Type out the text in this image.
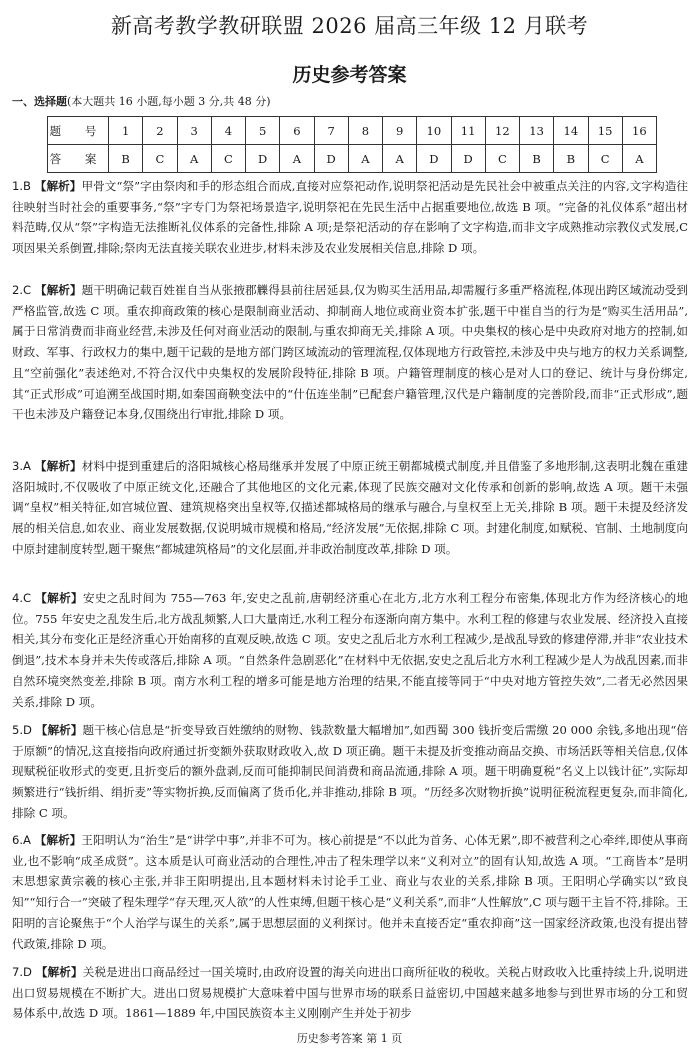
新高考教学教研联盟 2026 届高三年级 12 月联考
历史参考答案
一、选择题(本大题共 16 小题,每小题 3 分,共 48 分)
题 号	1	2	3	4	5	6	7	8	9	10	11	12	13	14	15	16
答 案	B	C	A	C	D	A	D	A	A	D	D	C	B	B	C	A
1.B 【解析】甲骨文“祭”字由祭肉和手的形态组合而成,直接对应祭祀动作,说明祭祀活动是先民社会中被重点关注的内容,文字构造往往映射当时社会的重要事务,“祭”字专门为祭祀场景造字,说明祭祀在先民生活中占据重要地位,故选 B 项。“完备的礼仪体系”超出材料范畴,仅从“祭”字构造无法推断礼仪体系的完备性,排除 A 项;是祭祀活动的存在影响了文字构造,而非文字成熟推动宗教仪式发展,C 项因果关系倒置,排除;祭肉无法直接关联农业进步,材料未涉及农业发展相关信息,排除 D 项。
2.C 【解析】题干明确记载百姓崔自当从张掖郡觻得县前往居延县,仅为购买生活用品,却需履行多重严格流程,体现出跨区域流动受到严格监管,故选 C 项。重农抑商政策的核心是限制商业活动、抑制商人地位或商业资本扩张,题干中崔自当的行为是“购买生活用品”,属于日常消费而非商业经营,未涉及任何对商业活动的限制,与重农抑商无关,排除 A 项。中央集权的核心是中央政府对地方的控制,如财政、军事、行政权力的集中,题干记载的是地方部门跨区域流动的管理流程,仅体现地方行政管控,未涉及中央与地方的权力关系调整,且“空前强化”表述绝对,不符合汉代中央集权的发展阶段特征,排除 B 项。户籍管理制度的核心是对人口的登记、统计与身份绑定,其“正式形成”可追溯至战国时期,如秦国商鞅变法中的“什伍连坐制”已配套户籍管理,汉代是户籍制度的完善阶段,而非“正式形成”,题干也未涉及户籍登记本身,仅围绕出行审批,排除 D 项。
3.A 【解析】材料中提到重建后的洛阳城核心格局继承并发展了中原正统王朝都城模式制度,并且借鉴了多地形制,这表明北魏在重建洛阳城时,不仅吸收了中原正统文化,还融合了其他地区的文化元素,体现了民族交融对文化传承和创新的影响,故选 A 项。题干未强调“皇权”相关特征,如宫城位置、建筑规格突出皇权等,仅描述都城格局的继承与融合,与皇权至上无关,排除 B 项。题干未提及经济发展的相关信息,如农业、商业发展数据,仅说明城市规模和格局,“经济发展”无依据,排除 C 项。封建化制度,如赋税、官制、土地制度向中原封建制度转型,题干聚焦“都城建筑格局”的文化层面,并非政治制度改革,排除 D 项。
4.C 【解析】安史之乱时间为 755—763 年,安史之乱前,唐朝经济重心在北方,北方水利工程分布密集,体现北方作为经济核心的地位。755 年安史之乱发生后,北方战乱频繁,人口大量南迁,水利工程分布逐渐向南方集中。水利工程的修建与农业发展、经济投入直接相关,其分布变化正是经济重心开始南移的直观反映,故选 C 项。安史之乱后北方水利工程减少,是战乱导致的修建停滞,并非“农业技术倒退”,技术本身并未失传或落后,排除 A 项。“自然条件急剧恶化”在材料中无依据,安史之乱后北方水利工程减少是人为战乱因素,而非自然环境突然变差,排除 B 项。南方水利工程的增多可能是地方治理的结果,不能直接等同于“中央对地方管控失效”,二者无必然因果关系,排除 D 项。
5.D 【解析】题干核心信息是“折变导致百姓缴纳的财物、钱款数量大幅增加”,如西蜀 300 钱折变后需缴 20 000 余钱,多地出现“倍于原额”的情况,这直接指向政府通过折变额外获取财政收入,故 D 项正确。题干未提及折变推动商品交换、市场活跃等相关信息,仅体现赋税征收形式的变更,且折变后的额外盘剥,反而可能抑制民间消费和商品流通,排除 A 项。题干明确夏税“名义上以钱计征”,实际却频繁进行“钱折绢、绢折麦”等实物折换,反而偏离了货币化,并非推动,排除 B 项。“历经多次财物折换”说明征税流程更复杂,而非简化,排除 C 项。
6.A 【解析】王阳明认为“治生”是“讲学中事”,并非不可为。核心前提是“不以此为首务、心体无累”,即不被营利之心牵绊,即使从事商业,也不影响“成圣成贤”。这本质是认可商业活动的合理性,冲击了程朱理学以来“义利对立”的固有认知,故选 A 项。“工商皆本”是明末思想家黄宗羲的核心主张,并非王阳明提出,且本题材料未讨论手工业、商业与农业的关系,排除 B 项。王阳明心学确实以“致良知”“知行合一”突破了程朱理学“存天理,灭人欲”的人性束缚,但题干核心是“义利关系”,而非“人性解放”,C 项与题干主旨不符,排除。王阳明的言论聚焦于“个人治学与谋生的关系”,属于思想层面的义利探讨。他并未直接否定“重农抑商”这一国家经济政策,也没有提出替代政策,排除 D 项。
7.D 【解析】关税是进出口商品经过一国关境时,由政府设置的海关向进出口商所征收的税收。关税占财政收入比重持续上升,说明进出口贸易规模在不断扩大。进出口贸易规模扩大意味着中国与世界市场的联系日益密切,中国越来越多地参与到世界市场的分工和贸易体系中,故选 D 项。1861—1889 年,中国民族资本主义刚刚产生并处于初步
历史参考答案 第 1 页
